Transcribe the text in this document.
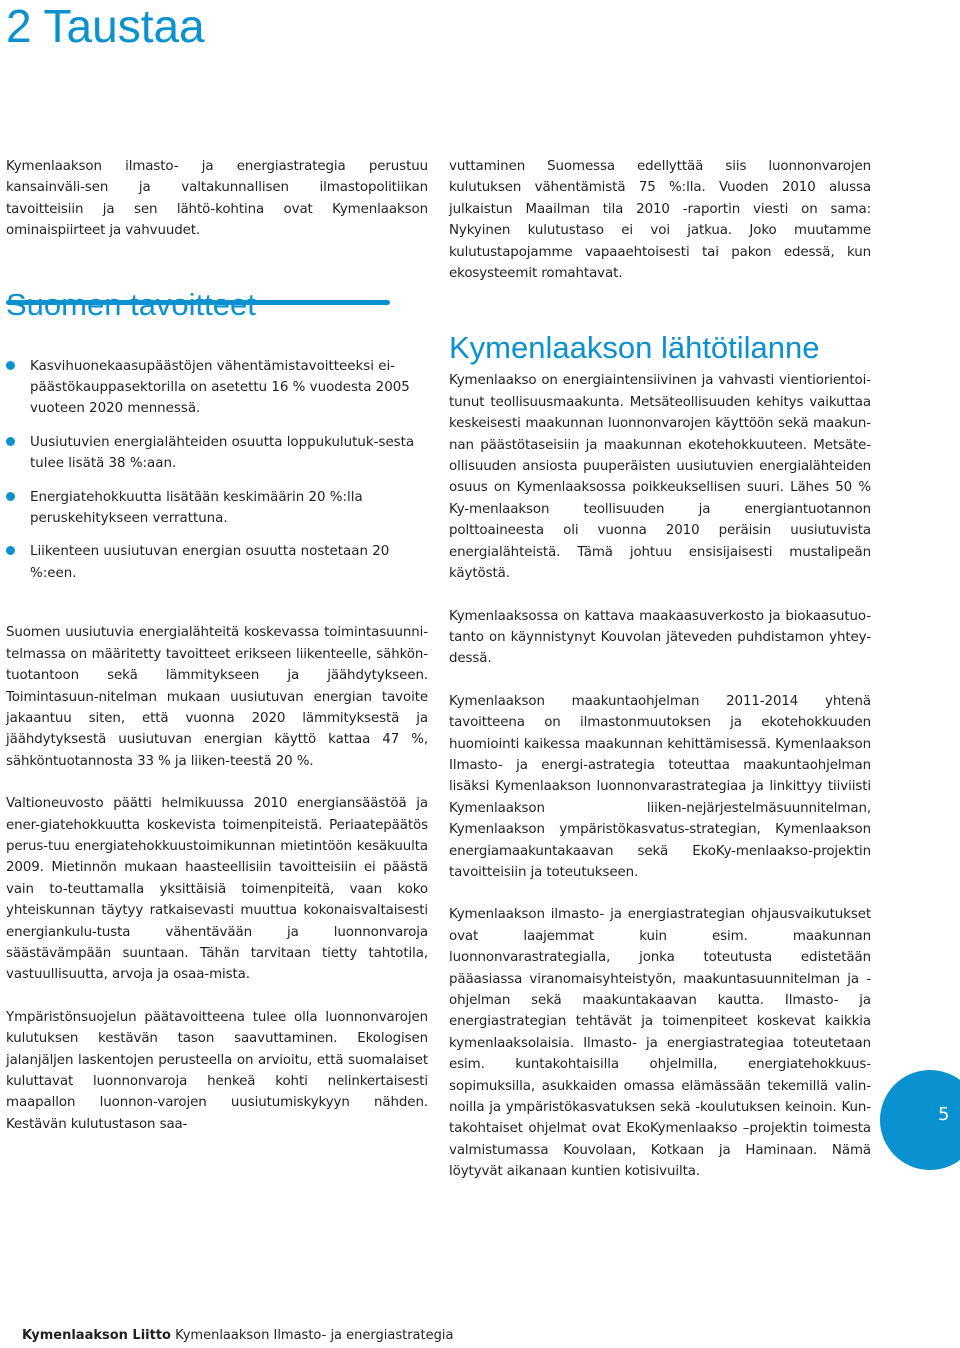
2 Taustaa

Kymenlaakson ilmasto- ja energiastrategia perustuu kansainväli-sen ja valtakunnallisen ilmastopolitiikan tavoitteisiin ja sen lähtö-kohtina ovat Kymenlaakson ominaispiirteet ja vahvuudet.

Kasvihuonekaasupäästöjen vähentämistavoitteeksi ei-päästökauppasektorilla on asetettu 16 % vuodesta 2005 vuoteen 2020 mennessä.
Uusiutuvien energialähteiden osuutta loppukulutuk-sesta tulee lisätä 38 %:aan.
Energiatehokkuutta lisätään keskimäärin 20 %:lla peruskehitykseen verrattuna.
Liikenteen uusiutuvan energian osuutta nostetaan 20 %:een.

Suomen uusiutuvia energialähteitä koskevassa toimintasuunni-telmassa on määritetty tavoitteet erikseen liikenteelle, sähkön-tuotantoon sekä lämmitykseen ja jäähdytykseen. Toimintasuun-nitelman mukaan uusiutuvan energian tavoite jakaantuu siten, että vuonna 2020 lämmityksestä ja jäähdytyksestä uusiutuvan energian käyttö kattaa 47 %, sähköntuotannosta 33 % ja liiken-teestä 20 %.

Valtioneuvosto päätti helmikuussa 2010 energiansäästöä ja ener-giatehokkuutta koskevista toimenpiteistä. Periaatepäätös perus-tuu energiatehokkuustoimikunnan mietintöön kesäkuulta 2009. Mietinnön mukaan haasteellisiin tavoitteisiin ei päästä vain to-teuttamalla yksittäisiä toimenpiteitä, vaan koko yhteiskunnan täytyy ratkaisevasti muuttua kokonaisvaltaisesti energiankulu-tusta vähentävään ja luonnonvaroja säästävämpään suuntaan. Tähän tarvitaan tietty tahtotila, vastuullisuutta, arvoja ja osaa-mista.

Ympäristönsuojelun päätavoitteena tulee olla luonnonvarojen kulutuksen kestävän tason saavuttaminen. Ekologisen jalanjäljen laskentojen perusteella on arvioitu, että suomalaiset kuluttavat luonnonvaroja henkeä kohti nelinkertaisesti maapallon luonnon-varojen uusiutumiskykyyn nähden. Kestävän kulutustason saa-

vuttaminen Suomessa edellyttää siis luonnonvarojen kulutuksen vähentämistä 75 %:lla. Vuoden 2010 alussa julkaistun Maailman tila 2010 -raportin viesti on sama: Nykyinen kulutustaso ei voi jatkua. Joko muutamme kulutustapojamme vapaaehtoisesti tai pakon edessä, kun ekosysteemit romahtavat.

Kymenlaakson lähtötilanne

Kymenlaakso on energiaintensiivinen ja vahvasti vientiorientoi-tunut teollisuusmaakunta. Metsäteollisuuden kehitys vaikuttaa keskeisesti maakunnan luonnonvarojen käyttöön sekä maakun-nan päästötaseisiin ja maakunnan ekotehokkuuteen. Metsäte-ollisuuden ansiosta puuperäisten uusiutuvien energialähteiden osuus on Kymenlaaksossa poikkeuksellisen suuri. Lähes 50 % Ky-menlaakson teollisuuden ja energiantuotannon polttoaineesta oli vuonna 2010 peräisin uusiutuvista energialähteistä. Tämä johtuu ensisijaisesti mustalipeän käytöstä.

Kymenlaaksossa on kattava maakaasuverkosto ja biokaasutuo-tanto on käynnistynyt Kouvolan jäteveden puhdistamon yhtey-dessä.

Kymenlaakson maakuntaohjelman 2011-2014 yhtenä tavoitteena on ilmastonmuutoksen ja ekotehokkuuden huomiointi kaikessa maakunnan kehittämisessä. Kymenlaakson Ilmasto- ja energi-astrategia toteuttaa maakuntaohjelman lisäksi Kymenlaakson luonnonvarastrategiaa ja linkittyy tiiviisti Kymenlaakson liiken-nejärjestelmäsuunnitelman, Kymenlaakson ympäristökasvatus-strategian, Kymenlaakson energiamaakuntakaavan sekä EkoKy-menlaakso-projektin tavoitteisiin ja toteutukseen.

Kymenlaakson ilmasto- ja energiastrategian ohjausvaikutukset ovat laajemmat kuin esim. maakunnan luonnonvarastrategialla, jonka toteutusta edistetään pääasiassa viranomaisyhteistyön, maakuntasuunnitelman ja -ohjelman sekä maakuntakaavan kautta. Ilmasto- ja energiastrategian tehtävät ja toimenpiteet koskevat kaikkia kymenlaaksolaisia. Ilmasto- ja energiastrategiaa toteutetaan esim. kuntakohtaisilla ohjelmilla, energiatehokkuus-sopimuksilla, asukkaiden omassa elämässään tekemillä valin-noilla ja ympäristökasvatuksen sekä -koulutuksen keinoin. Kun-takohtaiset ohjelmat ovat EkoKymenlaakso –projektin toimesta valmistumassa Kouvolaan, Kotkaan ja Haminaan. Nämä löytyvät aikanaan kuntien kotisivuilta.

5
Kymenlaakson Liitto Kymenlaakson Ilmasto- ja energiastrategia
